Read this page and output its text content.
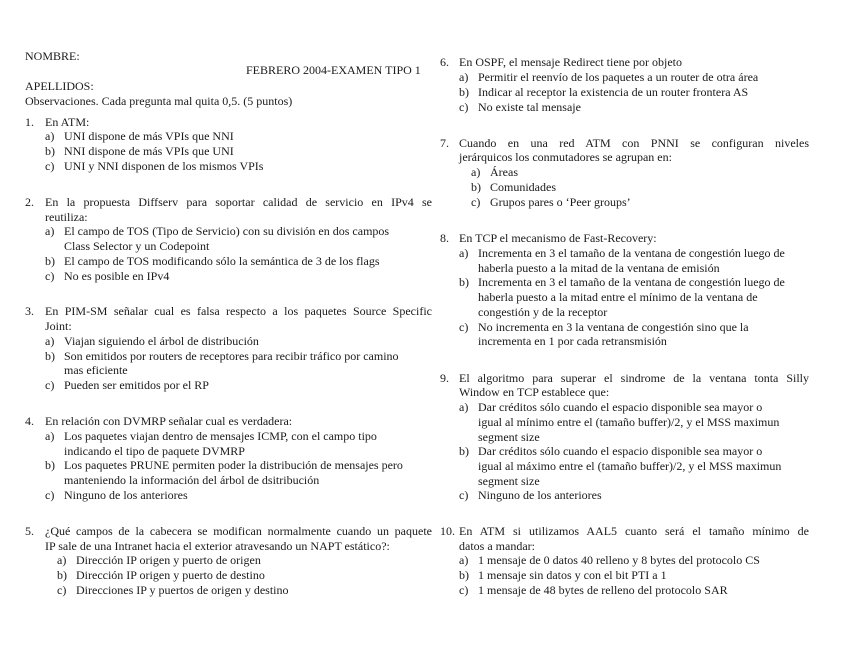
NOMBRE:
FEBRERO 2004-EXAMEN TIPO 1
APELLIDOS:
Observaciones. Cada pregunta mal quita 0,5. (5 puntos)
1. En ATM:
a) UNI dispone de más VPIs que NNI
b) NNI dispone de más VPIs que UNI
c) UNI y NNI disponen de los mismos VPIs
2. En la propuesta Diffserv para soportar calidad de servicio en IPv4 se
reutiliza:
a) El campo de TOS (Tipo de Servicio) con su división en dos campos
Class Selector y un Codepoint
b) El campo de TOS modificando sólo la semántica de 3 de los flags
c) No es posible en IPv4
3. En PIM-SM señalar cual es falsa respecto a los paquetes Source Specific
Joint:
a) Viajan siguiendo el árbol de distribución
b) Son emitidos por routers de receptores para recibir tráfico por camino
mas eficiente
c) Pueden ser emitidos por el RP
4. En relación con DVMRP señalar cual es verdadera:
a) Los paquetes viajan dentro de mensajes ICMP, con el campo tipo
indicando el tipo de paquete DVMRP
b) Los paquetes PRUNE permiten poder la distribución de mensajes pero
manteniendo la información del árbol de dsitribución
c) Ninguno de los anteriores
5. ¿Qué campos de la cabecera se modifican normalmente cuando un paquete
IP sale de una Intranet hacia el exterior atravesando un NAPT estático?:
a) Dirección IP origen y puerto de origen
b) Dirección IP origen y puerto de destino
c) Direcciones IP y puertos de origen y destino
6. En OSPF, el mensaje Redirect tiene por objeto
a) Permitir el reenvío de los paquetes a un router de otra área
b) Indicar al receptor la existencia de un router frontera AS
c) No existe tal mensaje
7. Cuando en una red ATM con PNNI se configuran niveles
jerárquicos los conmutadores se agrupan en:
a) Áreas
b) Comunidades
c) Grupos pares o ‘Peer groups’
8. En TCP el mecanismo de Fast-Recovery:
a) Incrementa en 3 el tamaño de la ventana de congestión luego de
haberla puesto a la mitad de la ventana de emisión
b) Incrementa en 3 el tamaño de la ventana de congestión luego de
haberla puesto a la mitad entre el mínimo de la ventana de
congestión y de la receptor
c) No incrementa en 3 la ventana de congestión sino que la
incrementa en 1 por cada retransmisión
9. El algoritmo para superar el sindrome de la ventana tonta Silly
Window en TCP establece que:
a) Dar créditos sólo cuando el espacio disponible sea mayor o
igual al mínimo entre el (tamaño buffer)/2, y el MSS maximun
segment size
b) Dar créditos sólo cuando el espacio disponible sea mayor o
igual al máximo entre el (tamaño buffer)/2, y el MSS maximun
segment size
c) Ninguno de los anteriores
10. En ATM si utilizamos AAL5 cuanto será el tamaño mínimo de
datos a mandar:
a) 1 mensaje de 0 datos 40 relleno y 8 bytes del protocolo CS
b) 1 mensaje sin datos y con el bit PTI a 1
c) 1 mensaje de 48 bytes de relleno del protocolo SAR
